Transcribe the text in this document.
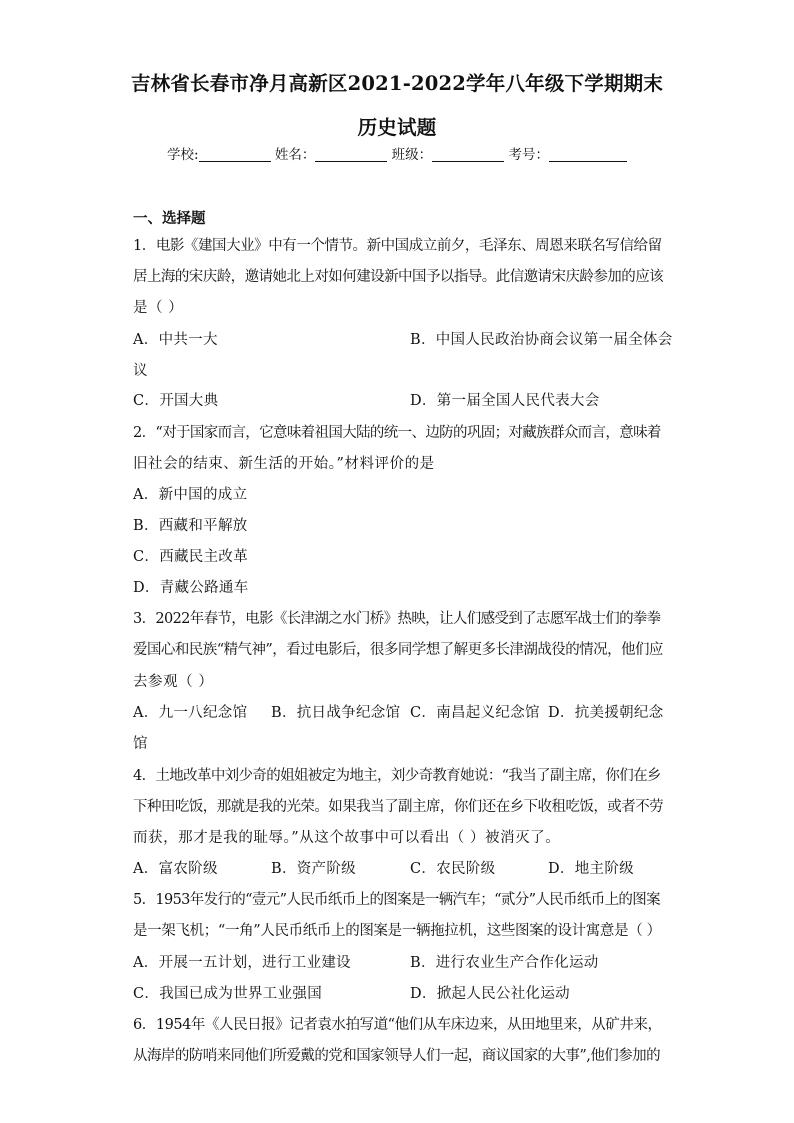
吉林省长春市净月高新区2021-2022学年八年级下学期期末
历史试题
学校:	姓名：	班级：	考号：
一、选择题
1．电影《建国大业》中有一个情节。新中国成立前夕，毛泽东、周恩来联名写信给留
居上海的宋庆龄，邀请她北上对如何建设新中国予以指导。此信邀请宋庆龄参加的应该
是（ ）
A．中共一大	B．中国人民政治协商会议第一届全体会
议
C．开国大典	D．第一届全国人民代表大会
2．“对于国家而言，它意味着祖国大陆的统一、边防的巩固；对藏族群众而言，意味着
旧社会的结束、新生活的开始。”材料评价的是
A．新中国的成立
B．西藏和平解放
C．西藏民主改革
D．青藏公路通车
3．2022年春节，电影《长津湖之水门桥》热映，让人们感受到了志愿军战士们的拳拳
爱国心和民族“精气神”，看过电影后，很多同学想了解更多长津湖战役的情况，他们应
去参观（ ）
A．九一八纪念馆 B．抗日战争纪念馆 C．南昌起义纪念馆 D．抗美援朝纪念
馆
4．土地改革中刘少奇的姐姐被定为地主，刘少奇教育她说：“我当了副主席，你们在乡
下种田吃饭，那就是我的光荣。如果我当了副主席，你们还在乡下收租吃饭，或者不劳
而获，那才是我的耻辱。”从这个故事中可以看出（ ）被消灭了。
A．富农阶级	B．资产阶级	C．农民阶级	D．地主阶级
5．1953年发行的“壹元”人民币纸币上的图案是一辆汽车；“贰分”人民币纸币上的图案
是一架飞机；“一角”人民币纸币上的图案是一辆拖拉机，这些图案的设计寓意是（ ）
A．开展一五计划，进行工业建设	B．进行农业生产合作化运动
C．我国已成为世界工业强国	D．掀起人民公社化运动
6．1954年《人民日报》记者袁水拍写道“他们从车床边来，从田地里来，从矿井来，
从海岸的防哨来同他们所爱戴的党和国家领导人们一起，商议国家的大事”,他们参加的
